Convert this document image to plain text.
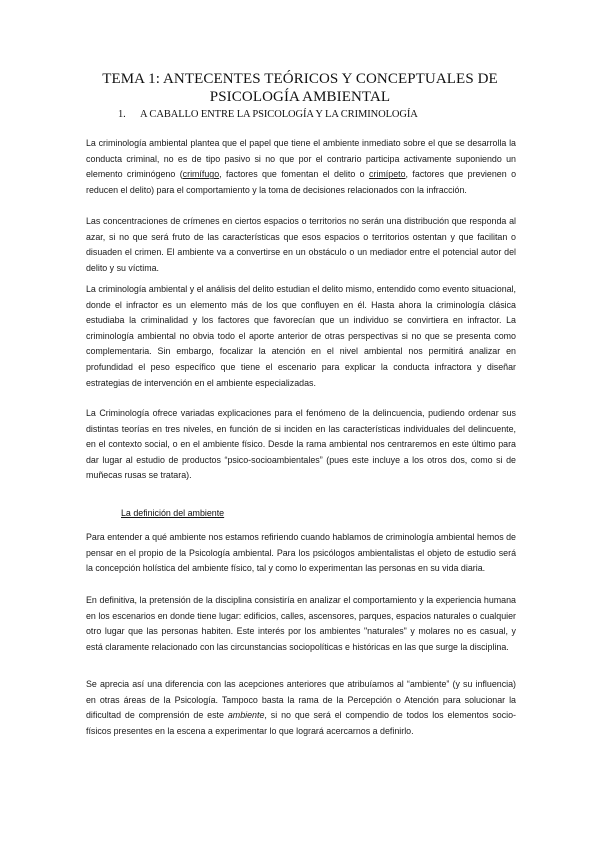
TEMA 1: ANTECENTES TEÓRICOS Y CONCEPTUALES DE
PSICOLOGÍA AMBIENTAL
1. A CABALLO ENTRE LA PSICOLOGÍA Y LA CRIMINOLOGÍA

La criminología ambiental plantea que el papel que tiene el ambiente inmediato sobre el que se desarrolla la conducta criminal, no es de tipo pasivo si no que por el contrario participa activamente suponiendo un elemento criminógeno (crimífugo, factores que fomentan el delito o crimípeto, factores que previenen o reducen el delito) para el comportamiento y la toma de decisiones relacionados con la infracción.

Las concentraciones de crímenes en ciertos espacios o territorios no serán una distribución que responda al azar, si no que será fruto de las características que esos espacios o territorios ostentan y que facilitan o disuaden el crimen. El ambiente va a convertirse en un obstáculo o un mediador entre el potencial autor del delito y su víctima.

La criminología ambiental y el análisis del delito estudian el delito mismo, entendido como evento situacional, donde el infractor es un elemento más de los que confluyen en él. Hasta ahora la criminología clásica estudiaba la criminalidad y los factores que favorecían que un individuo se convirtiera en infractor. La criminología ambiental no obvia todo el aporte anterior de otras perspectivas si no que se presenta como complementaria. Sin embargo, focalizar la atención en el nivel ambiental nos permitirá analizar en profundidad el peso específico que tiene el escenario para explicar la conducta infractora y diseñar estrategias de intervención en el ambiente especializadas.

La Criminología ofrece variadas explicaciones para el fenómeno de la delincuencia, pudiendo ordenar sus distintas teorías en tres niveles, en función de si inciden en las características individuales del delincuente, en el contexto social, o en el ambiente físico. Desde la rama ambiental nos centraremos en este último para dar lugar al estudio de productos “psico-socioambientales” (pues este incluye a los otros dos, como si de muñecas rusas se tratara).

La definición del ambiente

Para entender a qué ambiente nos estamos refiriendo cuando hablamos de criminología ambiental hemos de pensar en el propio de la Psicología ambiental. Para los psicólogos ambientalistas el objeto de estudio será la concepción holística del ambiente físico, tal y como lo experimentan las personas en su vida diaria.

En definitiva, la pretensión de la disciplina consistiría en analizar el comportamiento y la experiencia humana en los escenarios en donde tiene lugar: edificios, calles, ascensores, parques, espacios naturales o cualquier otro lugar que las personas habiten. Este interés por los ambientes "naturales" y molares no es casual, y está claramente relacionado con las circunstancias sociopolíticas e históricas en las que surge la disciplina.

Se aprecia así una diferencia con las acepciones anteriores que atribuíamos al “ambiente” (y su influencia) en otras áreas de la Psicología. Tampoco basta la rama de la Percepción o Atención para solucionar la dificultad de comprensión de este ambiente, si no que será el compendio de todos los elementos socio-físicos presentes en la escena a experimentar lo que logrará acercarnos a definirlo.
